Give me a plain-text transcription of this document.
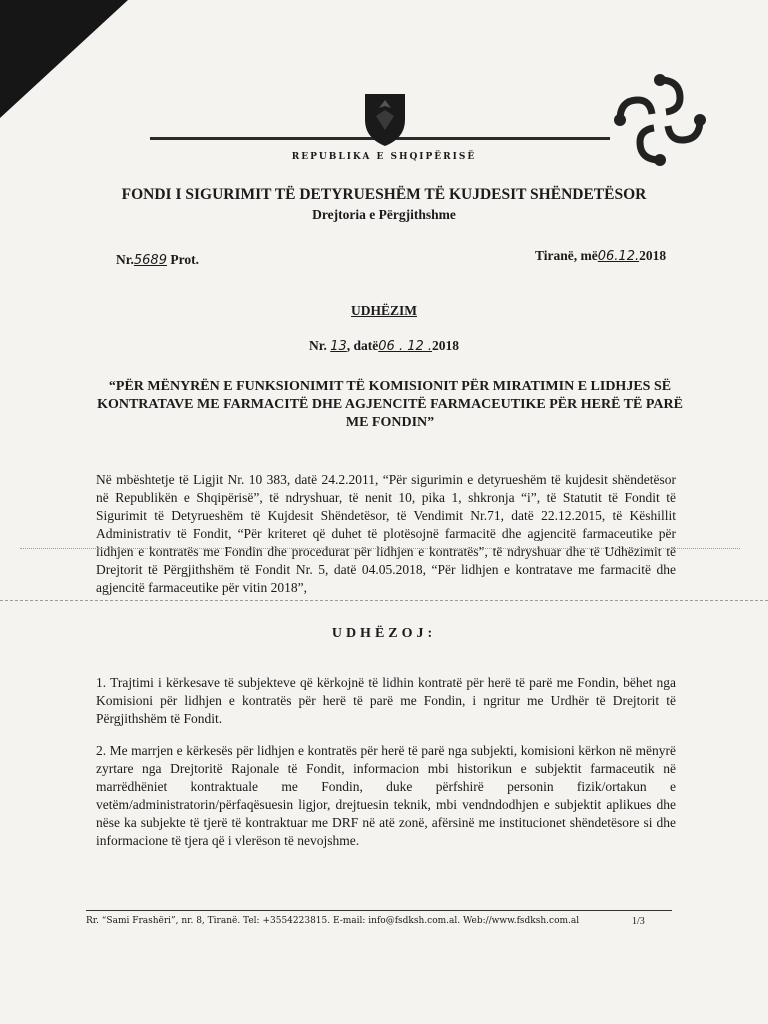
REPUBLIKA E SHQIPËRISË
FONDI I SIGURIMIT TË DETYRUESHËM TË KUJDESIT SHËNDETËSOR
Drejtoria e Përgjithshme
Nr.5689 Prot.	Tiranë, më06.12.2018
UDHËZIM
Nr. 13, datë06 . 12 .2018
“PËR MËNYRËN E FUNKSIONIMIT TË KOMISIONIT PËR MIRATIMIN E LIDHJES SË KONTRATAVE ME FARMACITË DHE AGJENCITË FARMACEUTIKE PËR HERË TË PARË ME FONDIN”
Në mbështetje të Ligjit Nr. 10 383, datë 24.2.2011, “Për sigurimin e detyrueshëm të kujdesit shëndetësor në Republikën e Shqipërisë”, të ndryshuar, të nenit 10, pika 1, shkronja “i”, të Statutit të Fondit të Sigurimit të Detyrueshëm të Kujdesit Shëndetësor, të Vendimit Nr.71, datë 22.12.2015, të Këshillit Administrativ të Fondit, “Për kriteret që duhet të plotësojnë farmacitë dhe agjencitë farmaceutike për lidhjen e kontratës me Fondin dhe procedurat për lidhjen e kontratës”, të ndryshuar dhe të Udhëzimit të Drejtorit të Përgjithshëm të Fondit Nr. 5, datë 04.05.2018, “Për lidhjen e kontratave me farmacitë dhe agjencitë farmaceutike për vitin 2018”,
UDHËZOJ:
1. Trajtimi i kërkesave të subjekteve që kërkojnë të lidhin kontratë për herë të parë me Fondin, bëhet nga Komisioni për lidhjen e kontratës për herë të parë me Fondin, i ngritur me Urdhër të Drejtorit të Përgjithshëm të Fondit.
2. Me marrjen e kërkesës për lidhjen e kontratës për herë të parë nga subjekti, komisioni kërkon në mënyrë zyrtare nga Drejtoritë Rajonale të Fondit, informacion mbi historikun e subjektit farmaceutik në marrëdhëniet kontraktuale me Fondin, duke përfshirë personin fizik/ortakun e vetëm/administratorin/përfaqësuesin ligjor, drejtuesin teknik, mbi vendndodhjen e subjektit aplikues dhe nëse ka subjekte të tjerë të kontraktuar me DRF në atë zonë, afërsinë me institucionet shëndetësore si dhe informacione të tjera që i vlerëson të nevojshme.
Rr. “Sami Frashëri”, nr. 8, Tiranë. Tel: +3554223815. E-mail: info@fsdksh.com.al. Web://www.fsdksh.com.al	1/3
